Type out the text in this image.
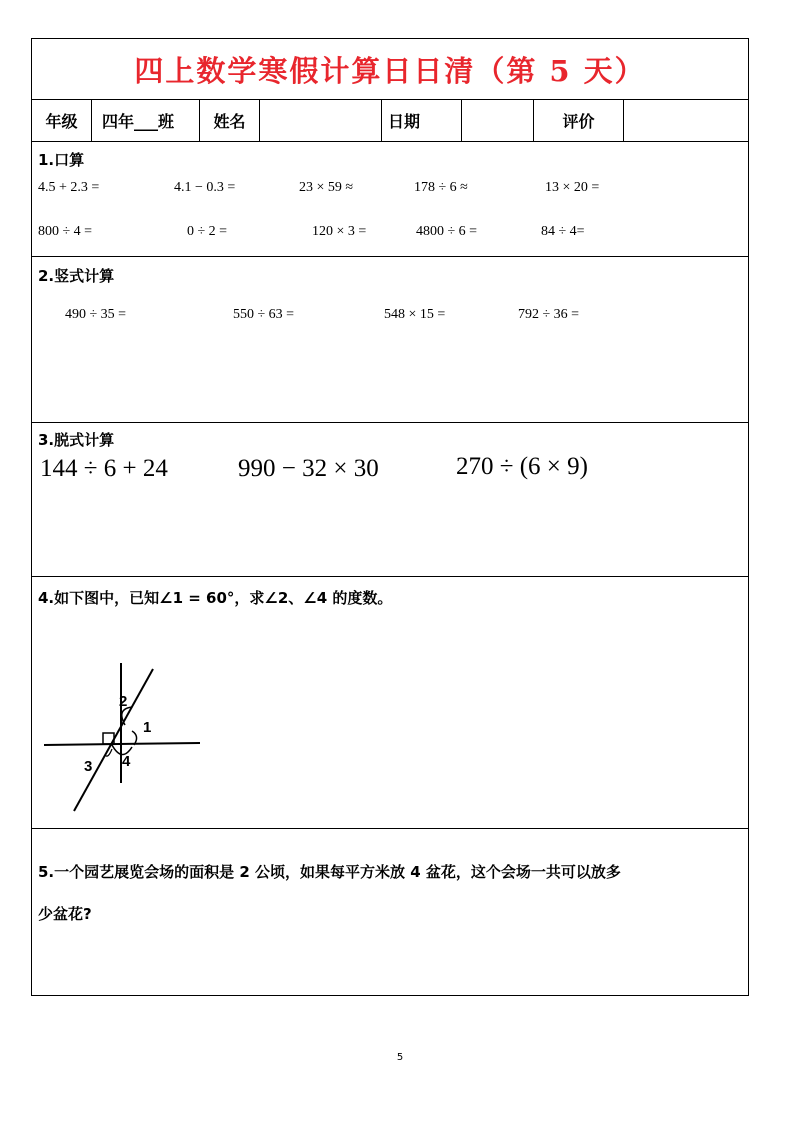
四上数学寒假计算日日清（第 5 天）
年级	四年___班	姓名	日期	评价
1.口算
4.5 + 2.3 =	4.1 − 0.3 =	23 × 59 ≈	178 ÷ 6 ≈	13 × 20 =
800 ÷ 4 =	0 ÷ 2 =	120 × 3 =	4800 ÷ 6 =	84 ÷ 4=
2.竖式计算
490 ÷ 35 =	550 ÷ 63 =	548 × 15 =	792 ÷ 36 =
3.脱式计算
144 ÷ 6 + 24	990 − 32 × 30	270 ÷ (6 × 9)
4.如下图中，已知∠1 = 60°，求∠2、∠4 的度数。
2
1
3 4
5.一个园艺展览会场的面积是 2 公顷，如果每平方米放 4 盆花，这个会场一共可以放多
少盆花?
5
